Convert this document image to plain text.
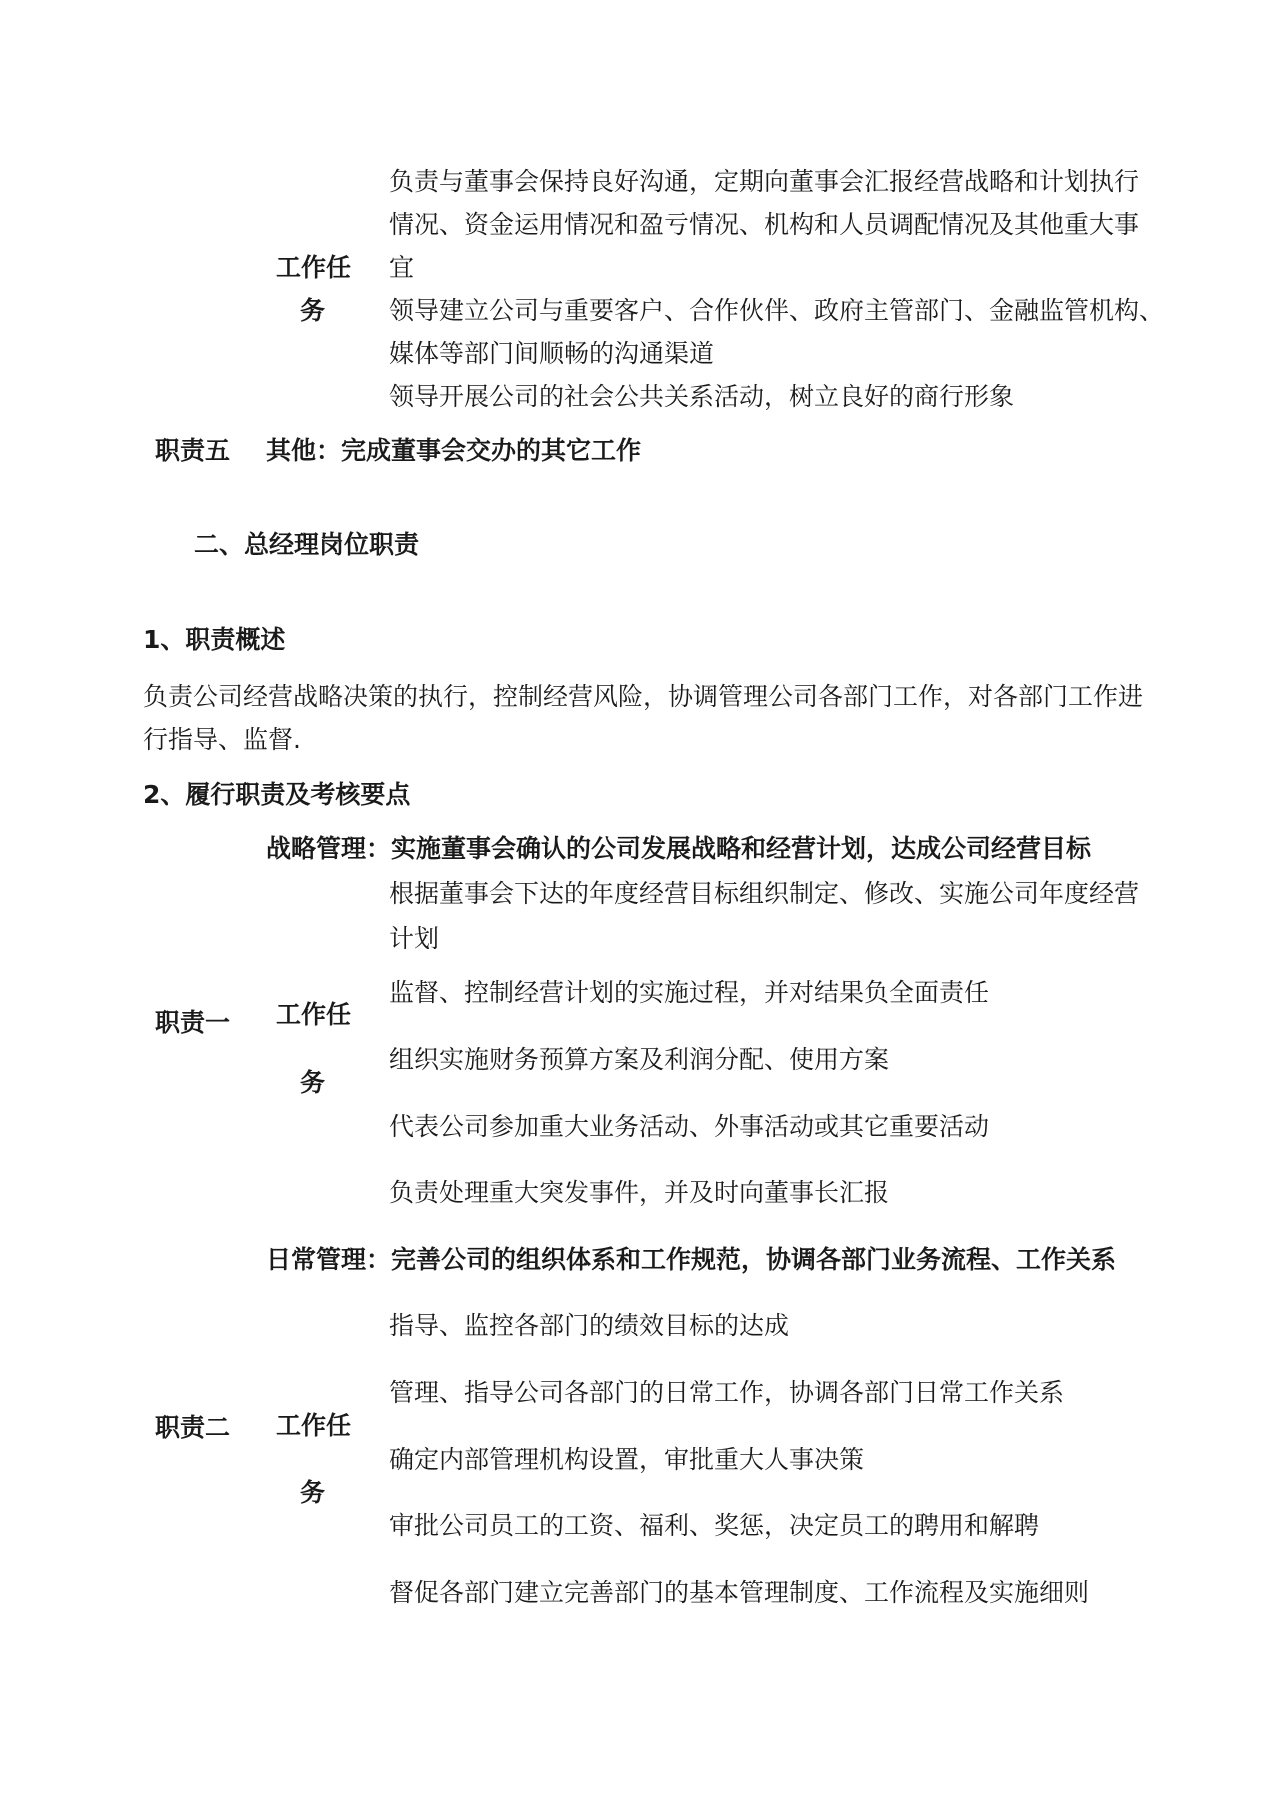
工作任
务
负责与董事会保持良好沟通，定期向董事会汇报经营战略和计划执行
情况、资金运用情况和盈亏情况、机构和人员调配情况及其他重大事
宜
领导建立公司与重要客户、合作伙伴、政府主管部门、金融监管机构、
媒体等部门间顺畅的沟通渠道
领导开展公司的社会公共关系活动，树立良好的商行形象
职责五 其他：完成董事会交办的其它工作
二、总经理岗位职责
1、职责概述
负责公司经营战略决策的执行，控制经营风险，协调管理公司各部门工作，对各部门工作进
行指导、监督.
2、履行职责及考核要点
战略管理：实施董事会确认的公司发展战略和经营计划，达成公司经营目标
职责一 工作任
务
根据董事会下达的年度经营目标组织制定、修改、实施公司年度经营
计划
监督、控制经营计划的实施过程，并对结果负全面责任
组织实施财务预算方案及利润分配、使用方案
代表公司参加重大业务活动、外事活动或其它重要活动
负责处理重大突发事件，并及时向董事长汇报
日常管理：完善公司的组织体系和工作规范，协调各部门业务流程、工作关系
职责二 工作任
务
指导、监控各部门的绩效目标的达成
管理、指导公司各部门的日常工作，协调各部门日常工作关系
确定内部管理机构设置，审批重大人事决策
审批公司员工的工资、福利、奖惩，决定员工的聘用和解聘
督促各部门建立完善部门的基本管理制度、工作流程及实施细则
